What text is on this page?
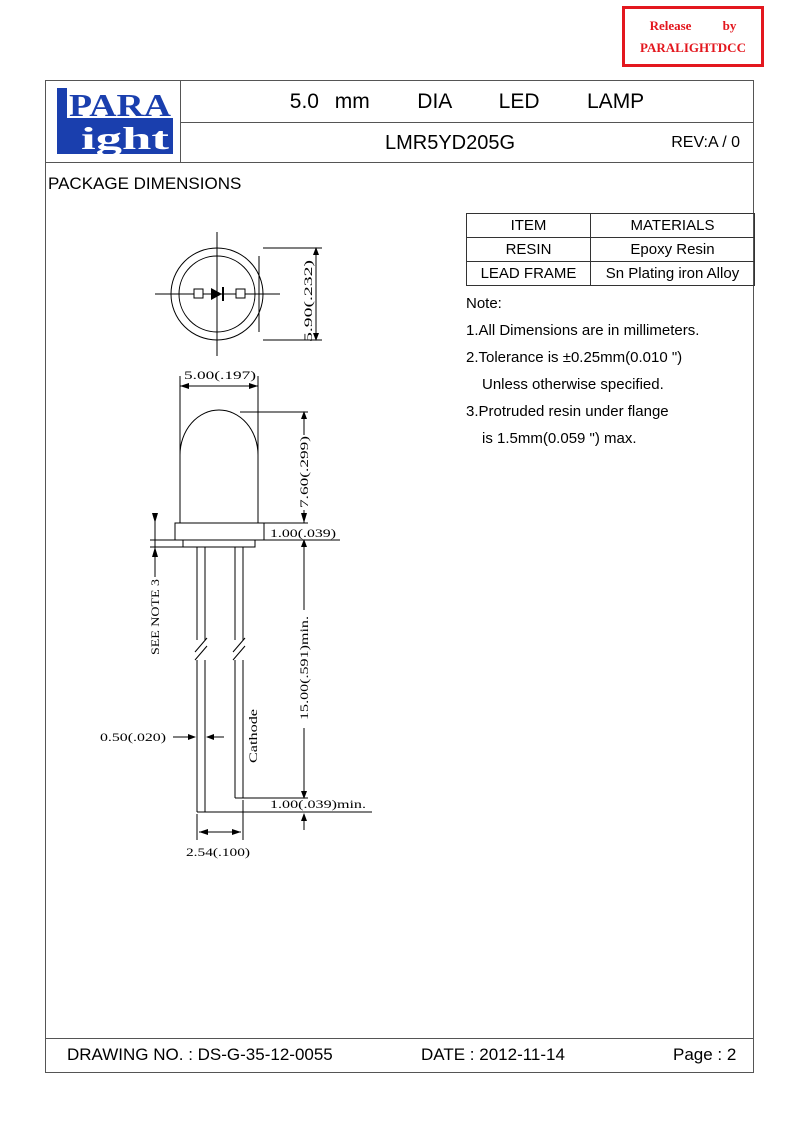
Release by
PARALIGHTDCC
PARA
ight
5.0 mm   DIA   LED   LAMP
LMR5YD205G	REV:A / 0
PACKAGE DIMENSIONS
ITEM	MATERIALS
RESIN	Epoxy Resin
LEAD FRAME	Sn Plating iron Alloy
Note:
1.All Dimensions are in millimeters.
2.Tolerance is ±0.25mm(0.010 ")
Unless otherwise specified.
3.Protruded resin under flange
is 1.5mm(0.059 ") max.
5.90(.232)
5.00(.197)
7.60(.299)
1.00(.039)
15.00(.591)min.
0.50(.020)
1.00(.039)min.
2.54(.100)
SEE NOTE 3
Cathode
DRAWING NO. : DS-G-35-12-0055	DATE : 2012-11-14	Page : 2
